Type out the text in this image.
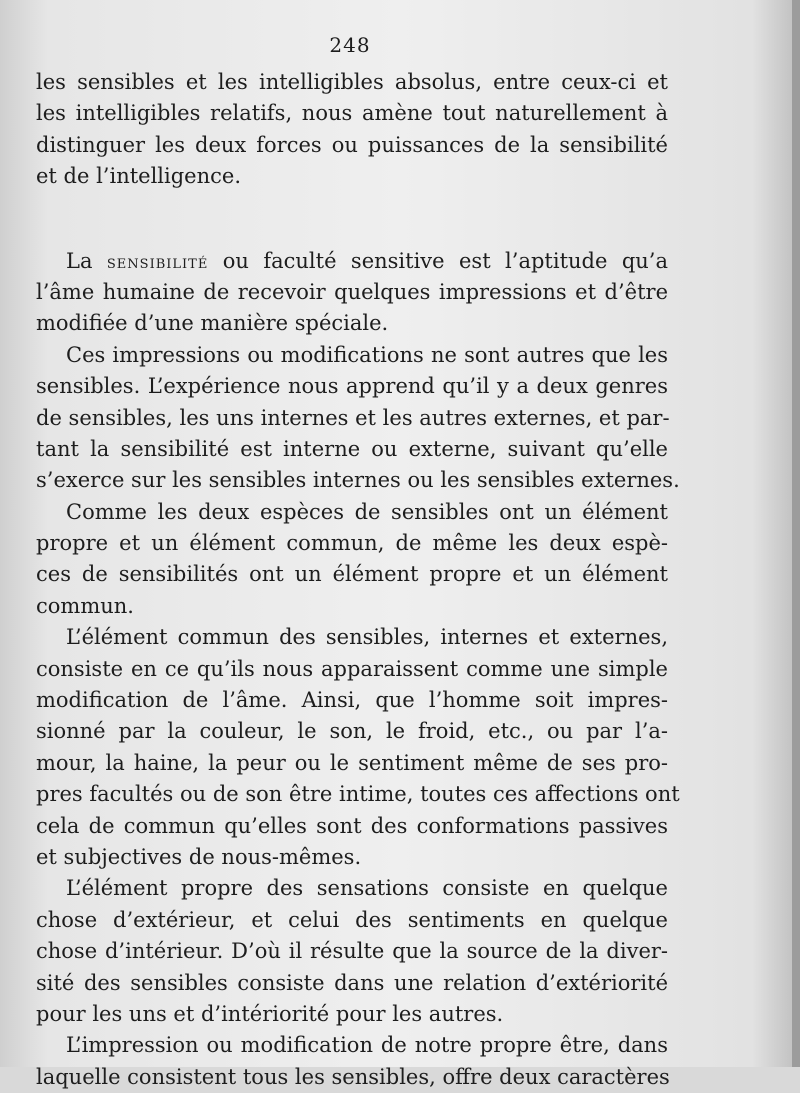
248
les sensibles et les intelligibles absolus, entre ceux-ci et
les intelligibles relatifs, nous amène tout naturellement à
distinguer les deux forces ou puissances de la sensibilité
et de l’intelligence.
La sensibilité ou faculté sensitive est l’aptitude qu’a
l’âme humaine de recevoir quelques impressions et d’être
modifiée d’une manière spéciale.
Ces impressions ou modifications ne sont autres que les
sensibles. L’expérience nous apprend qu’il y a deux genres
de sensibles, les uns internes et les autres externes, et par-
tant la sensibilité est interne ou externe, suivant qu’elle
s’exerce sur les sensibles internes ou les sensibles externes.
Comme les deux espèces de sensibles ont un élément
propre et un élément commun, de même les deux espè-
ces de sensibilités ont un élément propre et un élément
commun.
L’élément commun des sensibles, internes et externes,
consiste en ce qu’ils nous apparaissent comme une simple
modification de l’âme. Ainsi, que l’homme soit impres-
sionné par la couleur, le son, le froid, etc., ou par l’a-
mour, la haine, la peur ou le sentiment même de ses pro-
pres facultés ou de son être intime, toutes ces affections ont
cela de commun qu’elles sont des conformations passives
et subjectives de nous-mêmes.
L’élément propre des sensations consiste en quelque
chose d’extérieur, et celui des sentiments en quelque
chose d’intérieur. D’où il résulte que la source de la diver-
sité des sensibles consiste dans une relation d’extériorité
pour les uns et d’intériorité pour les autres.
L’impression ou modification de notre propre être, dans
laquelle consistent tous les sensibles, offre deux caractères
